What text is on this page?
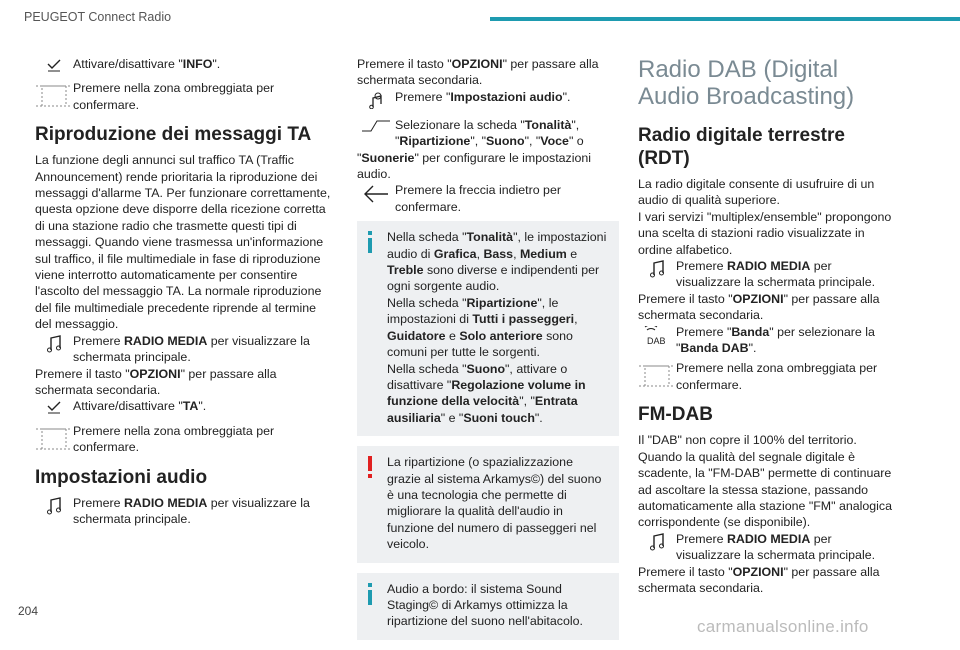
PEUGEOT Connect Radio
204
carmanualsonline.info
Attivare/disattivare "INFO".
Premere nella zona ombreggiata per confermare.
Riproduzione dei messaggi TA

La funzione degli annunci sul traffico TA (Traffic Announcement) rende prioritaria la riproduzione dei messaggi d'allarme TA. Per funzionare correttamente, questa opzione deve disporre della ricezione corretta di una stazione radio che trasmette questi tipi di messaggi. Quando viene trasmessa un'informazione sul traffico, il file multimediale in fase di riproduzione viene interrotto automaticamente per consentire l'ascolto del messaggio TA. La normale riproduzione del file multimediale precedente riprende al termine del messaggio.

Premere RADIO MEDIA per visualizzare la schermata principale.

Premere il tasto "OPZIONI" per passare alla schermata secondaria.

Attivare/disattivare "TA".
Premere nella zona ombreggiata per confermare.
Impostazioni audio
Premere RADIO MEDIA per visualizzare la schermata principale.

Premere il tasto "OPZIONI" per passare alla schermata secondaria.

Premere "Impostazioni audio".
Selezionare la scheda "Tonalità", "Ripartizione", "Suono", "Voce" o

"Suonerie" per configurare le impostazioni audio.

Premere la freccia indietro per confermare.
Nella scheda "Tonalità", le impostazioni audio di Grafica, Bass, Medium e Treble sono diverse e indipendenti per ogni sorgente audio.
Nella scheda "Ripartizione", le impostazioni di Tutti i passeggeri, Guidatore e Solo anteriore sono comuni per tutte le sorgenti.
Nella scheda "Suono", attivare o disattivare "Regolazione volume in funzione della velocità", "Entrata ausiliaria" e "Suoni touch".
La ripartizione (o spazializzazione grazie al sistema Arkamys©) del suono è una tecnologia che permette di migliorare la qualità dell'audio in funzione del numero di passeggeri nel veicolo.
Audio a bordo: il sistema Sound Staging© di Arkamys ottimizza la ripartizione del suono nell'abitacolo.
Radio DAB (Digital Audio Broadcasting)
Radio digitale terrestre (RDT)

La radio digitale consente di usufruire di un audio di qualità superiore.

I vari servizi "multiplex/ensemble" propongono una scelta di stazioni radio visualizzate in ordine alfabetico.

Premere RADIO MEDIA per visualizzare la schermata principale.

Premere il tasto "OPZIONI" per passare alla schermata secondaria.

DAB
Premere "Banda" per selezionare la "Banda DAB".
Premere nella zona ombreggiata per confermare.
FM-DAB

Il "DAB" non copre il 100% del territorio.

Quando la qualità del segnale digitale è scadente, la "FM-DAB" permette di continuare ad ascoltare la stessa stazione, passando automaticamente alla stazione "FM" analogica corrispondente (se disponibile).

Premere RADIO MEDIA per visualizzare la schermata principale.

Premere il tasto "OPZIONI" per passare alla schermata secondaria.
